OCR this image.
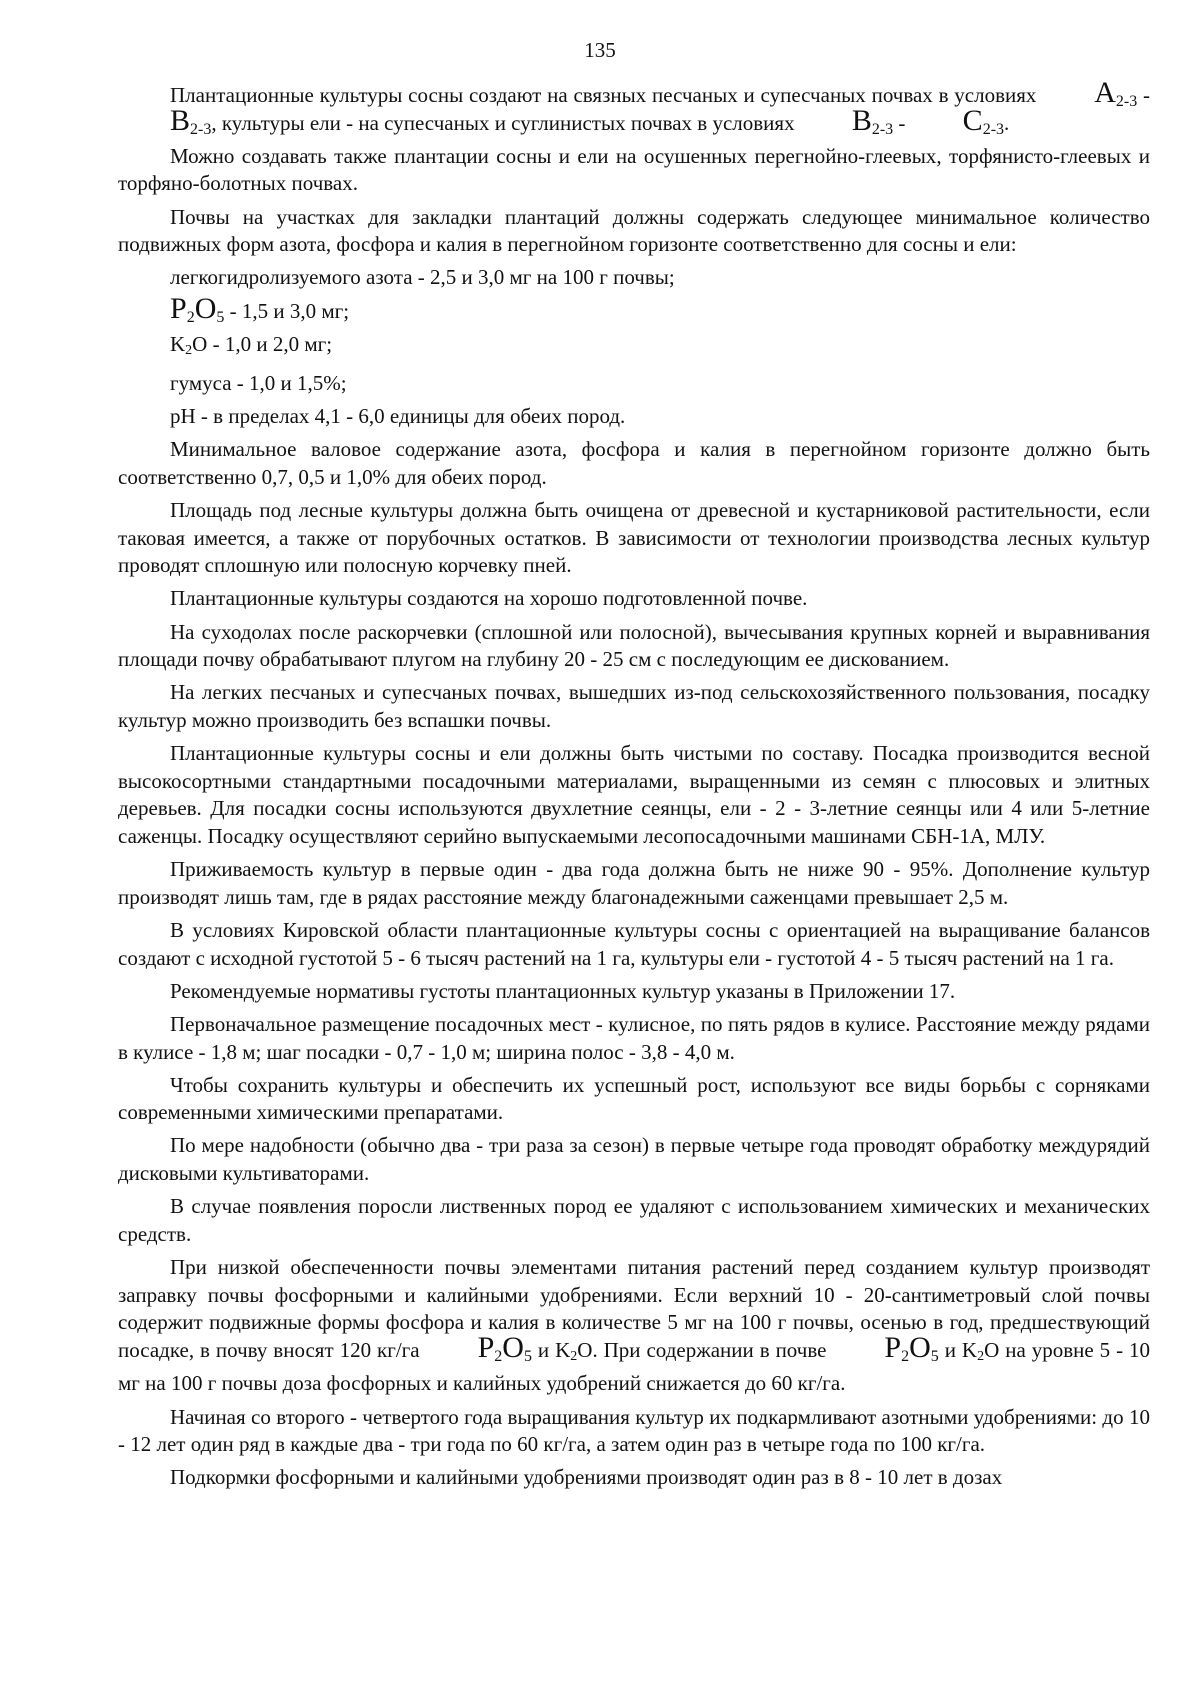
135

Плантационные культуры сосны создают на связных песчаных и супесчаных почвах в условиях $A_{2-3} - B_{2-3}$, культуры ели - на супесчаных и суглинистых почвах в условиях $B_{2-3} - C_{2-3}$.

Можно создавать также плантации сосны и ели на осушенных перегнойно-глеевых, торфянисто-глеевых и торфяно-болотных почвах.

Почвы на участках для закладки плантаций должны содержать следующее минимальное количество подвижных форм азота, фосфора и калия в перегнойном горизонте соответственно для сосны и ели:

легкогидролизуемого азота - 2,5 и 3,0 мг на 100 г почвы;

$P_2O_5 - 1,5$ и 3,0 мг;

$K_2O - 1,0$ и 2,0 мг;

гумуса - 1,0 и 1,5%;

рН - в пределах 4,1 - 6,0 единицы для обеих пород.

Минимальное валовое содержание азота, фосфора и калия в перегнойном горизонте должно быть соответственно 0,7, 0,5 и 1,0% для обеих пород.

Площадь под лесные культуры должна быть очищена от древесной и кустарниковой растительности, если таковая имеется, а также от порубочных остатков. В зависимости от технологии производства лесных культур проводят сплошную или полосную корчевку пней.

Плантационные культуры создаются на хорошо подготовленной почве.

На суходолах после раскорчевки (сплошной или полосной), вычесывания крупных корней и выравнивания площади почву обрабатывают плугом на глубину 20 - 25 см с последующим ее дискованием.

На легких песчаных и супесчаных почвах, вышедших из-под сельскохозяйственного пользования, посадку культур можно производить без вспашки почвы.

Плантационные культуры сосны и ели должны быть чистыми по составу. Посадка производится весной высокосортными стандартными посадочными материалами, выращенными из семян с плюсовых и элитных деревьев. Для посадки сосны используются двухлетние сеянцы, ели - 2 - 3-летние сеянцы или 4 или 5-летние саженцы. Посадку осуществляют серийно выпускаемыми лесопосадочными машинами СБН-1А, МЛУ.

Приживаемость культур в первые один - два года должна быть не ниже 90 - 95%. Дополнение культур производят лишь там, где в рядах расстояние между благонадежными саженцами превышает 2,5 м.

В условиях Кировской области плантационные культуры сосны с ориентацией на выращивание балансов создают с исходной густотой 5 - 6 тысяч растений на 1 га, культуры ели - густотой 4 - 5 тысяч растений на 1 га.

Рекомендуемые нормативы густоты плантационных культур указаны в Приложении 17.

Первоначальное размещение посадочных мест - кулисное, по пять рядов в кулисе. Расстояние между рядами в кулисе - 1,8 м; шаг посадки - 0,7 - 1,0 м; ширина полос - 3,8 - 4,0 м.

Чтобы сохранить культуры и обеспечить их успешный рост, используют все виды борьбы с сорняками современными химическими препаратами.

По мере надобности (обычно два - три раза за сезон) в первые четыре года проводят обработку междурядий дисковыми культиваторами.

В случае появления поросли лиственных пород ее удаляют с использованием химических и механических средств.

При низкой обеспеченности почвы элементами питания растений перед созданием культур производят заправку почвы фосфорными и калийными удобрениями. Если верхний 10 - 20-сантиметровый слой почвы содержит подвижные формы фосфора и калия в количестве 5 мг на 100 г почвы, осенью в год, предшествующий посадке, в почву вносят 120 кг/га $P_2O_5$ и $K_2O$. При содержании в почве $P_2O_5$ и $K_2O$ на уровне 5 - 10 мг на 100 г почвы доза фосфорных и калийных удобрений снижается до 60 кг/га.

Начиная со второго - четвертого года выращивания культур их подкармливают азотными удобрениями: до 10 - 12 лет один ряд в каждые два - три года по 60 кг/га, а затем один раз в четыре года по 100 кг/га.

Подкормки фосфорными и калийными удобрениями производят один раз в 8 - 10 лет в дозах
